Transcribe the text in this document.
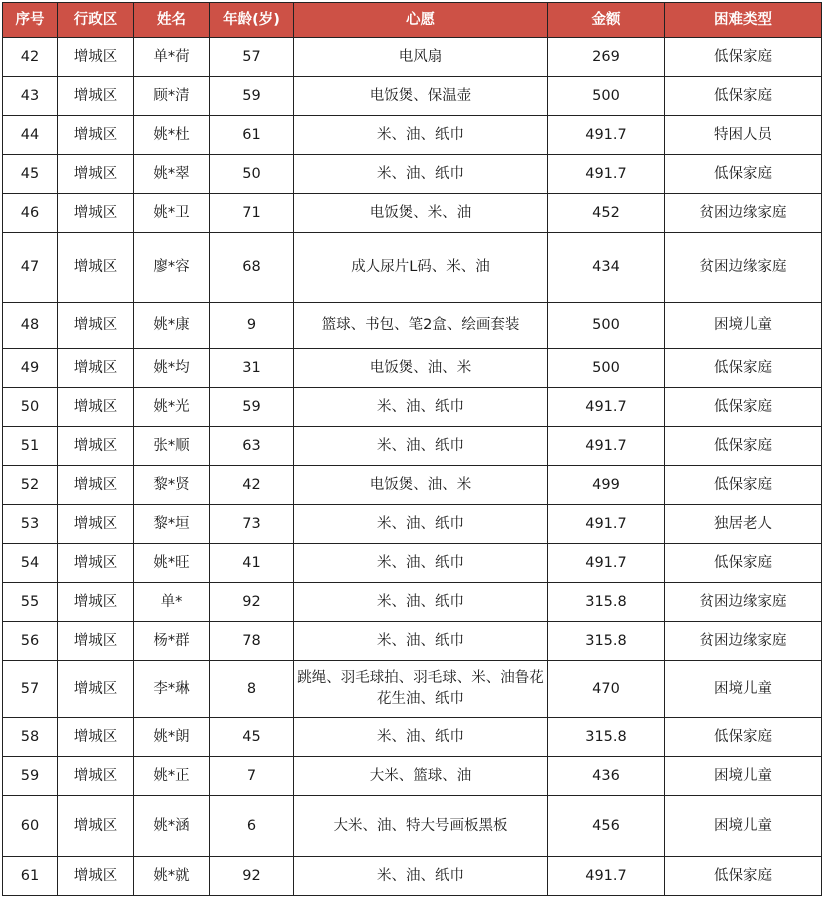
序号	行政区	姓名	年龄(岁)	心愿	金额	困难类型
42	增城区	单*荷	57	电风扇	269	低保家庭
43	增城区	顾*清	59	电饭煲、保温壶	500	低保家庭
44	增城区	姚*杜	61	米、油、纸巾	491.7	特困人员
45	增城区	姚*翠	50	米、油、纸巾	491.7	低保家庭
46	增城区	姚*卫	71	电饭煲、米、油	452	贫困边缘家庭
47	增城区	廖*容	68	成人尿片L码、米、油	434	贫困边缘家庭
48	增城区	姚*康	9	篮球、书包、笔2盒、绘画套装	500	困境儿童
49	增城区	姚*均	31	电饭煲、油、米	500	低保家庭
50	增城区	姚*光	59	米、油、纸巾	491.7	低保家庭
51	增城区	张*顺	63	米、油、纸巾	491.7	低保家庭
52	增城区	黎*贤	42	电饭煲、油、米	499	低保家庭
53	增城区	黎*垣	73	米、油、纸巾	491.7	独居老人
54	增城区	姚*旺	41	米、油、纸巾	491.7	低保家庭
55	增城区	单*	92	米、油、纸巾	315.8	贫困边缘家庭
56	增城区	杨*群	78	米、油、纸巾	315.8	贫困边缘家庭
57	增城区	李*琳	8	跳绳、羽毛球拍、羽毛球、米、油鲁花花生油、纸巾	470	困境儿童
58	增城区	姚*朗	45	米、油、纸巾	315.8	低保家庭
59	增城区	姚*正	7	大米、篮球、油	436	困境儿童
60	增城区	姚*涵	6	大米、油、特大号画板黑板	456	困境儿童
61	增城区	姚*就	92	米、油、纸巾	491.7	低保家庭
